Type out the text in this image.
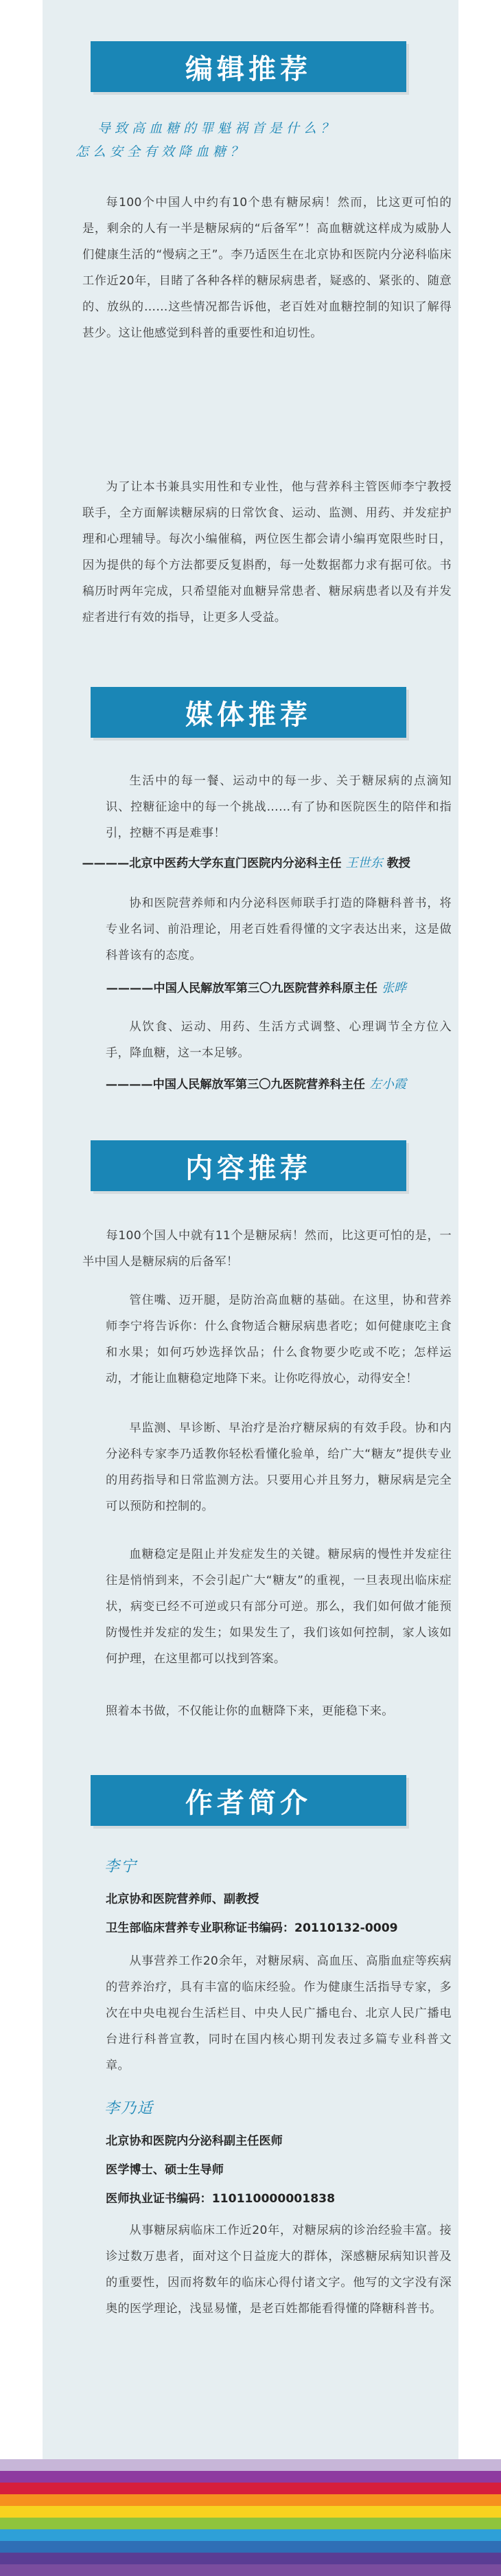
编辑推荐
导致高血糖的罪魁祸首是什么？
怎么安全有效降血糖？

每100个中国人中约有10个患有糖尿病！然而，比这更可怕的是，剩余的人有一半是糖尿病的“后备军”！高血糖就这样成为威胁人们健康生活的“慢病之王”。李乃适医生在北京协和医院内分泌科临床工作近20年，目睹了各种各样的糖尿病患者，疑惑的、紧张的、随意的、放纵的……这些情况都告诉他，老百姓对血糖控制的知识了解得甚少。这让他感觉到科普的重要性和迫切性。

为了让本书兼具实用性和专业性，他与营养科主管医师李宁教授联手，全方面解读糖尿病的日常饮食、运动、监测、用药、并发症护理和心理辅导。每次小编催稿，两位医生都会请小编再宽限些时日，因为提供的每个方法都要反复斟酌，每一处数据都力求有据可依。书稿历时两年完成，只希望能对血糖异常患者、糖尿病患者以及有并发症者进行有效的指导，让更多人受益。

媒体推荐

生活中的每一餐、运动中的每一步、关于糖尿病的点滴知识、控糖征途中的每一个挑战……有了协和医院医生的陪伴和指引，控糖不再是难事！

————北京中医药大学东直门医院内分泌科主任 王世东 教授

协和医院营养师和内分泌科医师联手打造的降糖科普书，将专业名词、前沿理论，用老百姓看得懂的文字表达出来，这是做科普该有的态度。

————中国人民解放军第三〇九医院营养科原主任 张晔

从饮食、运动、用药、生活方式调整、心理调节全方位入手，降血糖，这一本足够。

————中国人民解放军第三〇九医院营养科主任 左小霞
内容推荐

每100个国人中就有11个是糖尿病！然而，比这更可怕的是，一半中国人是糖尿病的后备军！

管住嘴、迈开腿，是防治高血糖的基础。在这里，协和营养师李宁将告诉你：什么食物适合糖尿病患者吃；如何健康吃主食和水果；如何巧妙选择饮品；什么食物要少吃或不吃；怎样运动，才能让血糖稳定地降下来。让你吃得放心，动得安全！

早监测、早诊断、早治疗是治疗糖尿病的有效手段。协和内分泌科专家李乃适教你轻松看懂化验单，给广大“糖友”提供专业的用药指导和日常监测方法。只要用心并且努力，糖尿病是完全可以预防和控制的。

血糖稳定是阻止并发症发生的关键。糖尿病的慢性并发症往往是悄悄到来，不会引起广大“糖友”的重视，一旦表现出临床症状，病变已经不可逆或只有部分可逆。那么，我们如何做才能预防慢性并发症的发生；如果发生了，我们该如何控制，家人该如何护理，在这里都可以找到答案。

照着本书做，不仅能让你的血糖降下来，更能稳下来。

作者简介
李宁
北京协和医院营养师、副教授
卫生部临床营养专业职称证书编码：20110132-0009

从事营养工作20余年，对糖尿病、高血压、高脂血症等疾病的营养治疗，具有丰富的临床经验。作为健康生活指导专家，多次在中央电视台生活栏目、中央人民广播电台、北京人民广播电台进行科普宣教，同时在国内核心期刊发表过多篇专业科普文章。

李乃适
北京协和医院内分泌科副主任医师
医学博士、硕士生导师
医师执业证书编码：110110000001838

从事糖尿病临床工作近20年，对糖尿病的诊治经验丰富。接诊过数万患者，面对这个日益庞大的群体，深感糖尿病知识普及的重要性，因而将数年的临床心得付诸文字。他写的文字没有深奥的医学理论，浅显易懂，是老百姓都能看得懂的降糖科普书。
